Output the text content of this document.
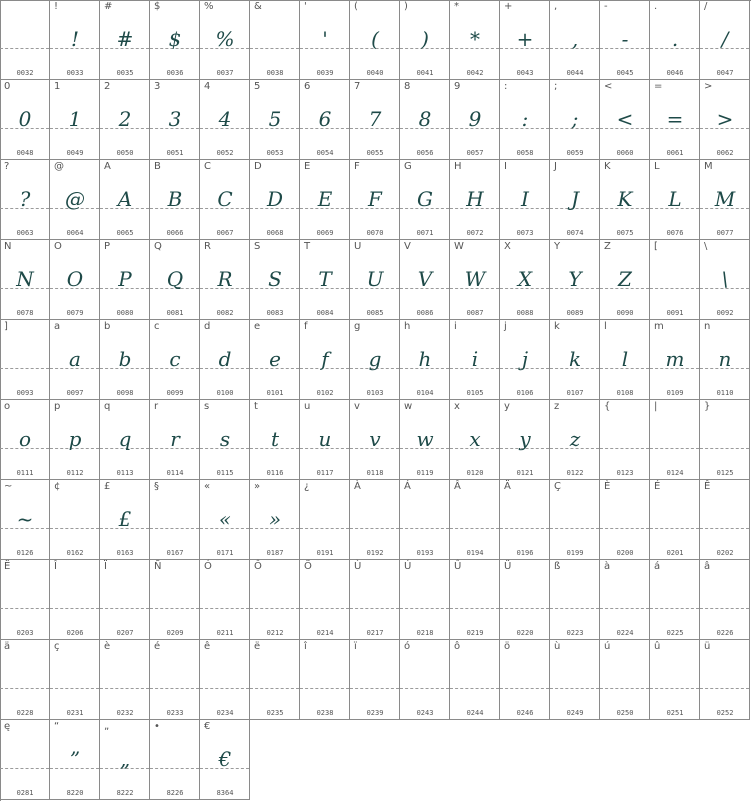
0032
!
!
0033
#
#
0035
$
$
0036
%
%
0037
&
0038
'
'
0039
(
(
0040
)
)
0041
*
*
0042
+
+
0043
,
,
0044
-
-
0045
.
.
0046
/
/
0047
0
0
0048
1
1
0049
2
2
0050
3
3
0051
4
4
0052
5
5
0053
6
6
0054
7
7
0055
8
8
0056
9
9
0057
:
:
0058
;
;
0059
<
<
0060
=
=
0061
>
>
0062
?
?
0063
@
@
0064
A
A
0065
B
B
0066
C
C
0067
D
D
0068
E
E
0069
F
F
0070
G
G
0071
H
H
0072
I
I
0073
J
J
0074
K
K
0075
L
L
0076
M
M
0077
N
N
0078
O
O
0079
P
P
0080
Q
Q
0081
R
R
0082
S
S
0083
T
T
0084
U
U
0085
V
V
0086
W
W
0087
X
X
0088
Y
Y
0089
Z
Z
0090
[
0091
\
\
0092
]
0093
a
a
0097
b
b
0098
c
c
0099
d
d
0100
e
e
0101
f
f
0102
g
g
0103
h
h
0104
i
i
0105
j
j
0106
k
k
0107
l
l
0108
m
m
0109
n
n
0110
o
o
0111
p
p
0112
q
q
0113
r
r
0114
s
s
0115
t
t
0116
u
u
0117
v
v
0118
w
w
0119
x
x
0120
y
y
0121
z
z
0122
{
0123
|
0124
}
0125
~
~
0126
¢
0162
£
£
0163
§
0167
«
«
0171
»
»
0187
¿
0191
À
0192
Á
0193
Â
0194
Ä
0196
Ç
0199
È
0200
É
0201
Ê
0202
Ë
0203
Î
0206
Ï
0207
Ñ
0209
Ó
0211
Ô
0212
Ö
0214
Ù
0217
Ú
0218
Û
0219
Ü
0220
ß
0223
à
0224
á
0225
â
0226
ä
0228
ç
0231
è
0232
é
0233
ê
0234
ë
0235
î
0238
ï
0239
ó
0243
ô
0244
ö
0246
ù
0249
ú
0250
û
0251
ü
0252
ę
0281
“
”
8220
„
„
8222
•
8226
€
€
8364
